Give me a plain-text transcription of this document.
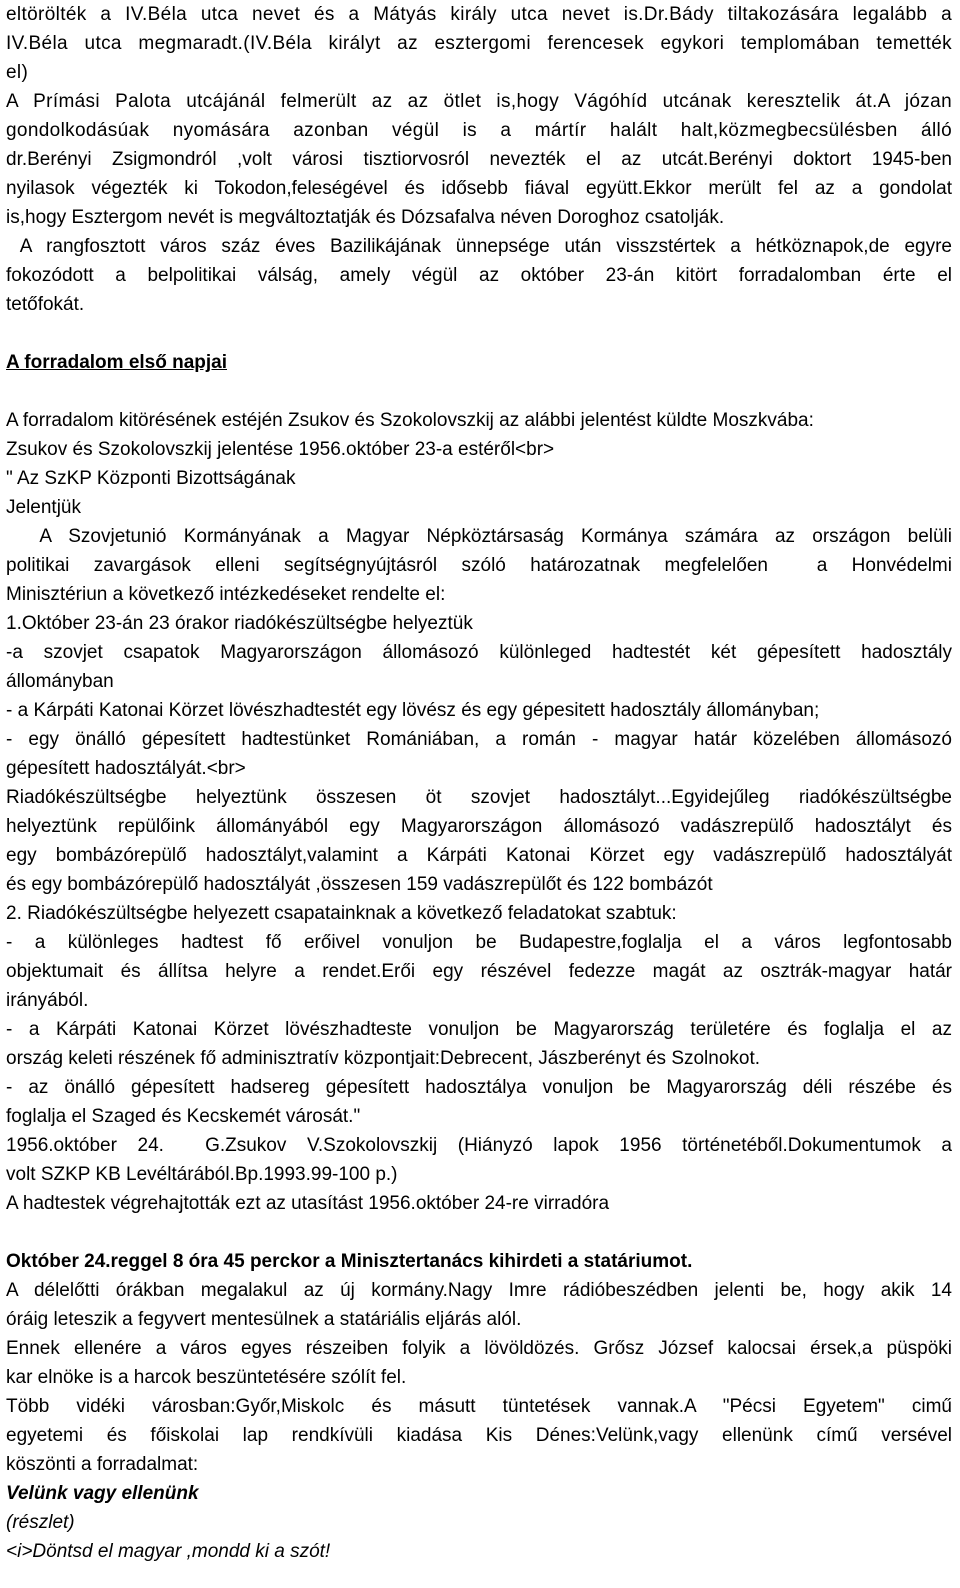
eltörölték a IV.Béla utca nevet és a Mátyás király utca nevet is.Dr.Bády tiltakozására legalább a
IV.Béla utca megmaradt.(IV.Béla királyt az esztergomi ferencesek egykori templomában temették
el)
A Prímási Palota utcájánál felmerült az az ötlet is,hogy Vágóhíd utcának keresztelik át.A józan
gondolkodásúak nyomására azonban végül is a mártír halált halt,közmegbecsülésben álló
dr.Berényi Zsigmondról ,volt városi tisztiorvosról nevezték el az utcát.Berényi doktort 1945-ben
nyilasok végezték ki Tokodon,feleségével és idősebb fiával együtt.Ekkor merült fel az a gondolat
is,hogy Esztergom nevét is megváltoztatják és Dózsafalva néven Doroghoz csatolják.
A rangfosztott város száz éves Bazilikájának ünnepsége után visszstértek a hétköznapok,de egyre
fokozódott a belpolitikai válság, amely végül az október 23-án kitört forradalomban érte el
tetőfokát.
A forradalom első napjai
A forradalom kitörésének estéjén Zsukov és Szokolovszkij az alábbi jelentést küldte Moszkvába:
Zsukov és Szokolovszkij jelentése 1956.október 23-a estéről<br>
" Az SzKP Központi Bizottságának
Jelentjük
A Szovjetunió Kormányának a Magyar Népköztársaság Kormánya számára az országon belüli
politikai zavargások elleni segítségnyújtásról szóló határozatnak megfelelően  a Honvédelmi
Minisztériun a következő intézkedéseket rendelte el:
1.Október 23-án 23 órakor riadókészültségbe helyeztük
-a szovjet csapatok Magyarországon állomásozó különleged hadtestét két gépesített hadosztály
állományban
- a Kárpáti Katonai Körzet lövészhadtestét egy lövész és egy gépesitett hadosztály állományban;
- egy önálló gépesített hadtestünket Romániában, a román - magyar határ közelében állomásozó
gépesített hadosztályát.<br>
Riadókészültségbe helyeztünk összesen öt szovjet hadosztályt...Egyidejűleg riadókészültségbe
helyeztünk repülőink állományából egy Magyarországon állomásozó vadászrepülő hadosztályt és
egy bombázórepülő hadosztályt,valamint a Kárpáti Katonai Körzet egy vadászrepülő hadosztályát
és egy bombázórepülő hadosztályát ,összesen 159 vadászrepülőt és 122 bombázót
2. Riadókészültségbe helyezett csapatainknak a következő feladatokat szabtuk:
- a különleges hadtest fő erőivel vonuljon be Budapestre,foglalja el a város legfontosabb
objektumait és állítsa helyre a rendet.Erői egy részével fedezze magát az osztrák-magyar határ
irányából.
- a Kárpáti Katonai Körzet lövészhadteste vonuljon be Magyarország területére és foglalja el az
ország keleti részének fő adminisztratív központjait:Debrecent, Jászberényt és Szolnokot.
- az önálló gépesített hadsereg gépesített hadosztálya vonuljon be Magyarország déli részébe és
foglalja el Szaged és Kecskemét városát."
1956.október 24.  G.Zsukov V.Szokolovszkij (Hiányzó lapok 1956 történetéből.Dokumentumok a
volt SZKP KB Levéltárából.Bp.1993.99-100 p.)
A hadtestek végrehajtották ezt az utasítást 1956.október 24-re virradóra
Október 24.reggel 8 óra 45 perckor a Minisztertanács kihirdeti a statáriumot.
A délelőtti órákban megalakul az új kormány.Nagy Imre rádióbeszédben jelenti be, hogy akik 14
óráig leteszik a fegyvert mentesülnek a statáriális eljárás alól.
Ennek ellenére a város egyes részeiben folyik a lövöldözés. Grősz József kalocsai érsek,a püspöki
kar elnöke is a harcok beszüntetésére szólít fel.
Több vidéki városban:Győr,Miskolc és másutt tüntetések vannak.A "Pécsi Egyetem" cimű
egyetemi és főiskolai lap rendkívüli kiadása Kis Dénes:Velünk,vagy ellenünk című versével
köszönti a forradalmat:
Velünk vagy ellenünk
(részlet)
<i>Döntsd el magyar ,mondd ki a szót!
